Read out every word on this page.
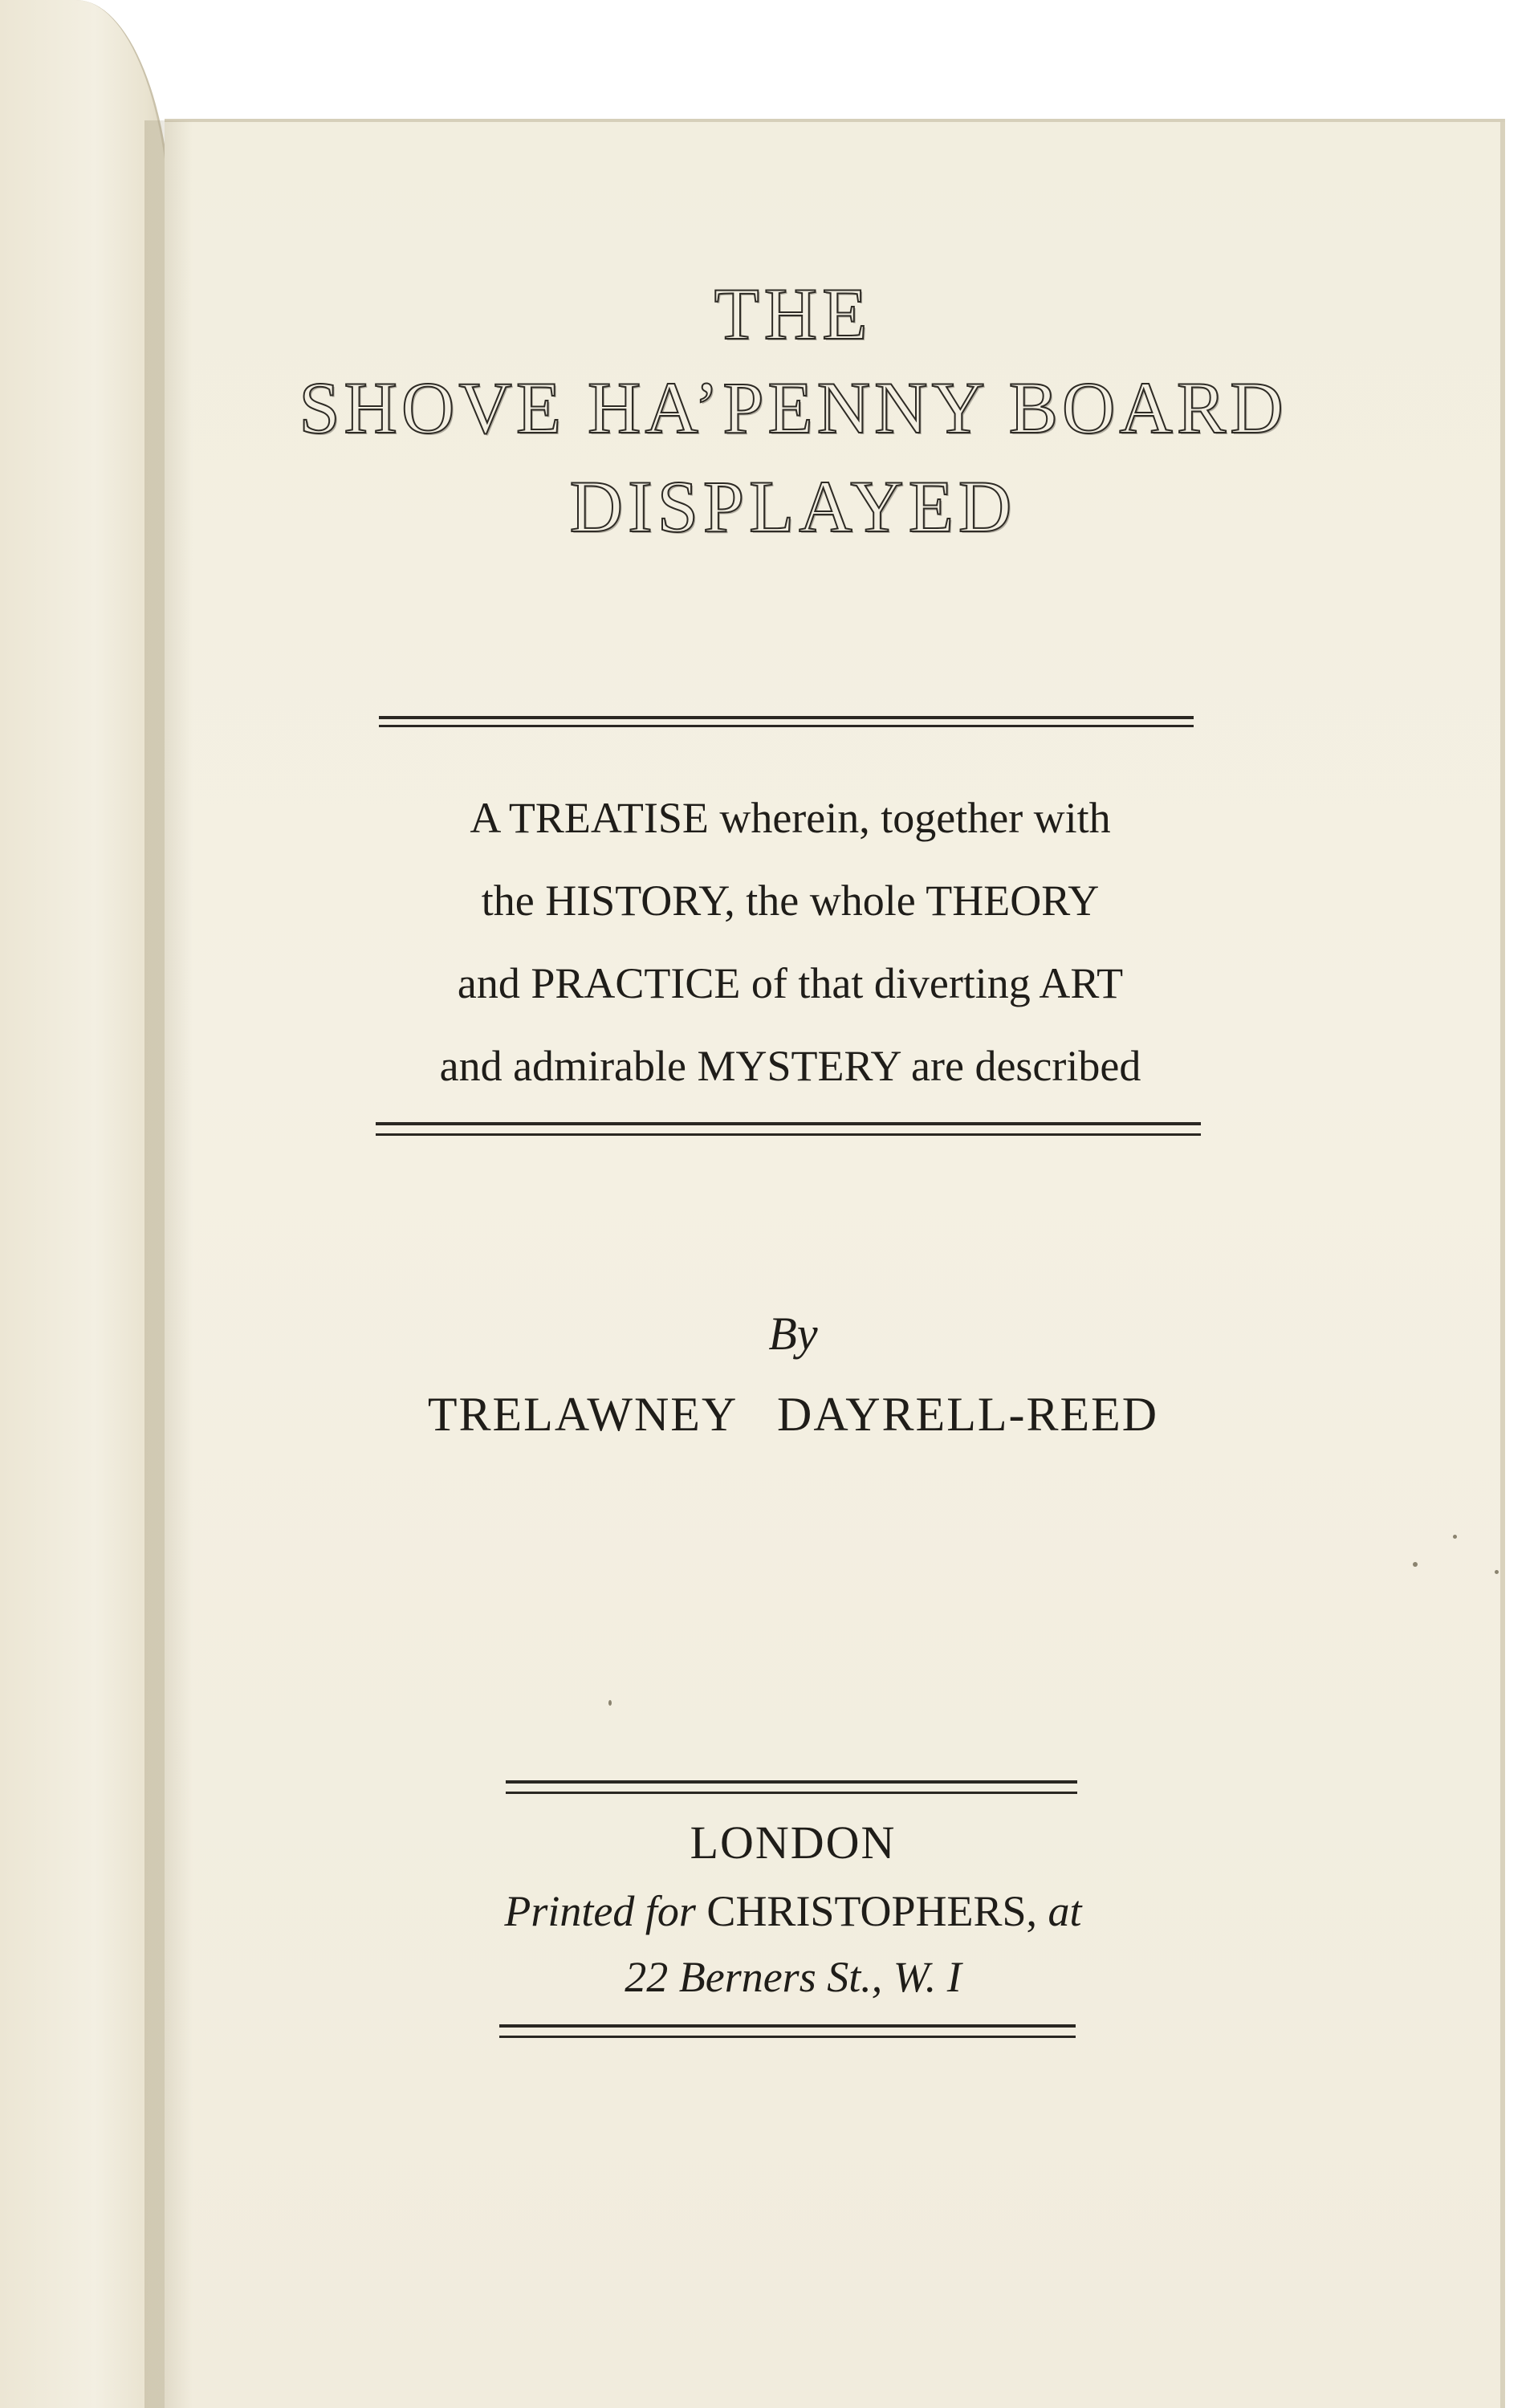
THE
SHOVE HA’PENNY BOARD
DISPLAYED
A TREATISE wherein, together with
the HISTORY, the whole THEORY
and PRACTICE of that diverting ART
and admirable MYSTERY are described
By
TRELAWNEY   DAYRELL-REED
LONDON
Printed for CHRISTOPHERS, at
22 Berners St., W. I
